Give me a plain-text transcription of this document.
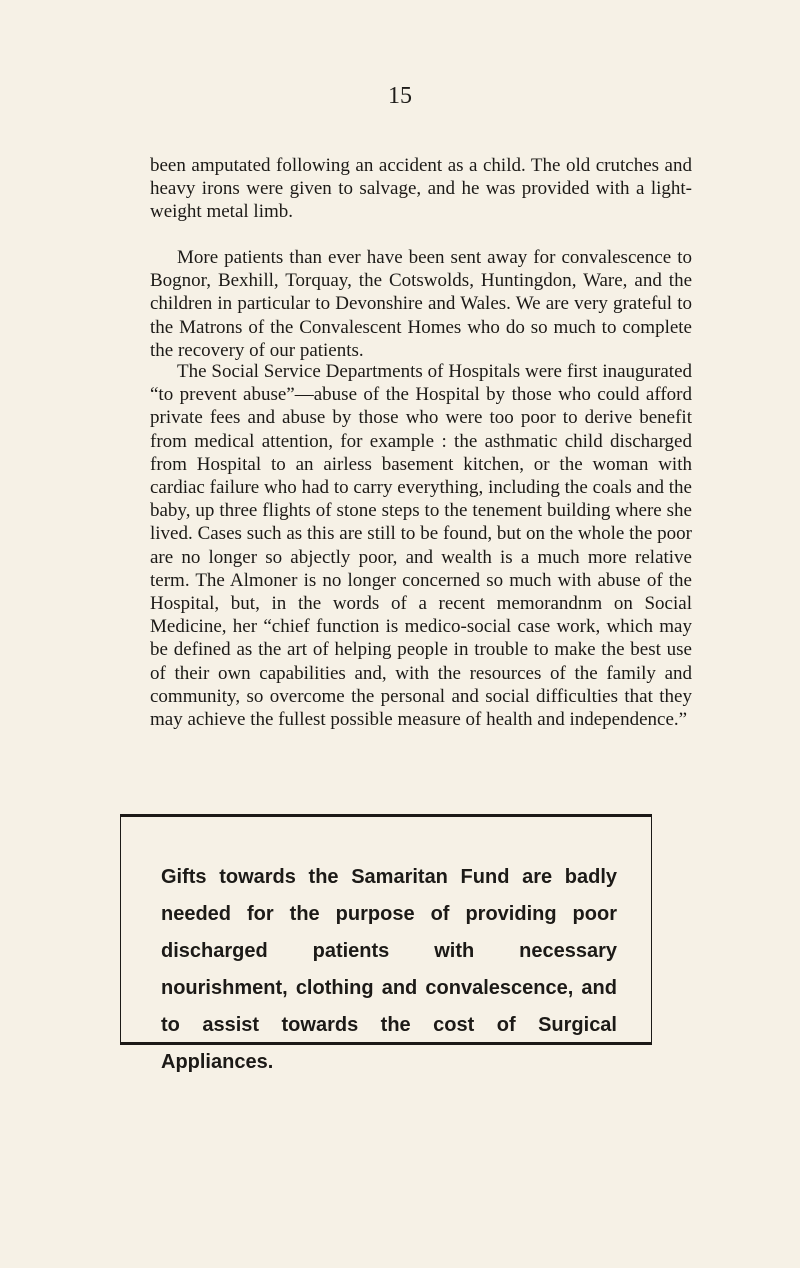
15

been amputated following an accident as a child. The old crutches and heavy irons were given to salvage, and he was provided with a light-weight metal limb.

More patients than ever have been sent away for convalescence to Bognor, Bexhill, Torquay, the Cotswolds, Huntingdon, Ware, and the children in particular to Devonshire and Wales. We are very grateful to the Matrons of the Convalescent Homes who do so much to complete the recovery of our patients.

The Social Service Departments of Hospitals were first inaugurated “to prevent abuse”—abuse of the Hospital by those who could afford private fees and abuse by those who were too poor to derive benefit from medical attention, for example : the asthmatic child discharged from Hospital to an airless basement kitchen, or the woman with cardiac failure who had to carry everything, including the coals and the baby, up three flights of stone steps to the tenement building where she lived. Cases such as this are still to be found, but on the whole the poor are no longer so abjectly poor, and wealth is a much more relative term. The Almoner is no longer concerned so much with abuse of the Hospital, but, in the words of a recent memorandnm on Social Medicine, her “chief function is medico-social case work, which may be defined as the art of helping people in trouble to make the best use of their own capabilities and, with the resources of the family and community, so overcome the personal and social difficulties that they may achieve the fullest possible measure of health and independence.”

Gifts towards the Samaritan Fund are badly needed for the purpose of providing poor discharged patients with necessary nourishment, clothing and convalescence, and to assist towards the cost of Surgical Appliances.
